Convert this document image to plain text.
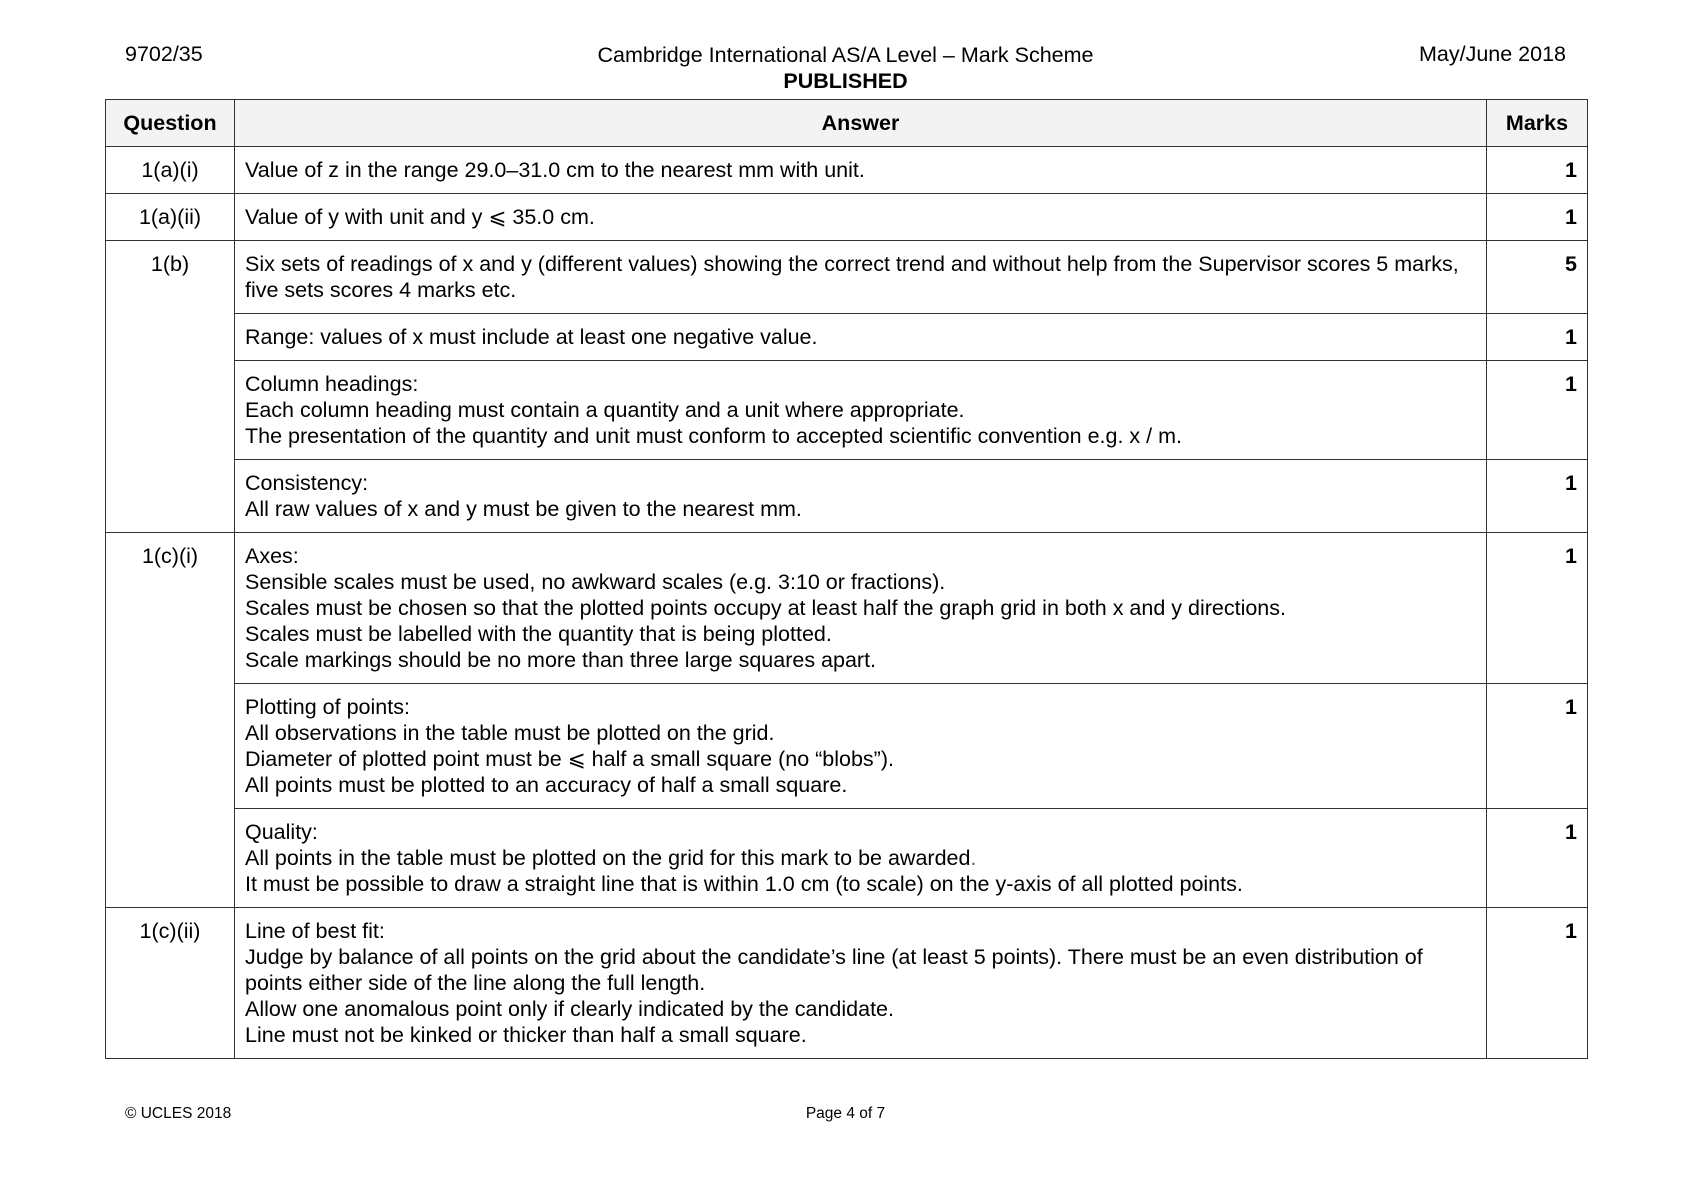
9702/35	Cambridge International AS/A Level – Mark Scheme
PUBLISHED
May/June 2018
Question	Answer	Marks
1(a)(i)	Value of z in the range 29.0–31.0 cm to the nearest mm with unit.	1
1(a)(ii)	Value of y with unit and y ⩽ 35.0 cm.	1
1(b)	Six sets of readings of x and y (different values) showing the correct trend and without help from the Supervisor scores 5 marks, five sets scores 4 marks etc.	5

	Range: values of x must include at least one negative value.	1

	Column headings:
Each column heading must contain a quantity and a unit where appropriate.
The presentation of the quantity and unit must conform to accepted scientific convention e.g. x / m.	1

	Consistency:
All raw values of x and y must be given to the nearest mm.	1
1(c)(i)	Axes:
Sensible scales must be used, no awkward scales (e.g. 3:10 or fractions).
Scales must be chosen so that the plotted points occupy at least half the graph grid in both x and y directions.
Scales must be labelled with the quantity that is being plotted.
Scale markings should be no more than three large squares apart.	1

	Plotting of points:
All observations in the table must be plotted on the grid.
Diameter of plotted point must be ⩽ half a small square (no “blobs”).
All points must be plotted to an accuracy of half a small square.	1

	Quality:
All points in the table must be plotted on the grid for this mark to be awarded.
It must be possible to draw a straight line that is within 1.0 cm (to scale) on the y-axis of all plotted points.	1
1(c)(ii)	Line of best fit:
Judge by balance of all points on the grid about the candidate’s line (at least 5 points). There must be an even distribution of points either side of the line along the full length.
Allow one anomalous point only if clearly indicated by the candidate.
Line must not be kinked or thicker than half a small square.	1
© UCLES 2018	Page 4 of 7
